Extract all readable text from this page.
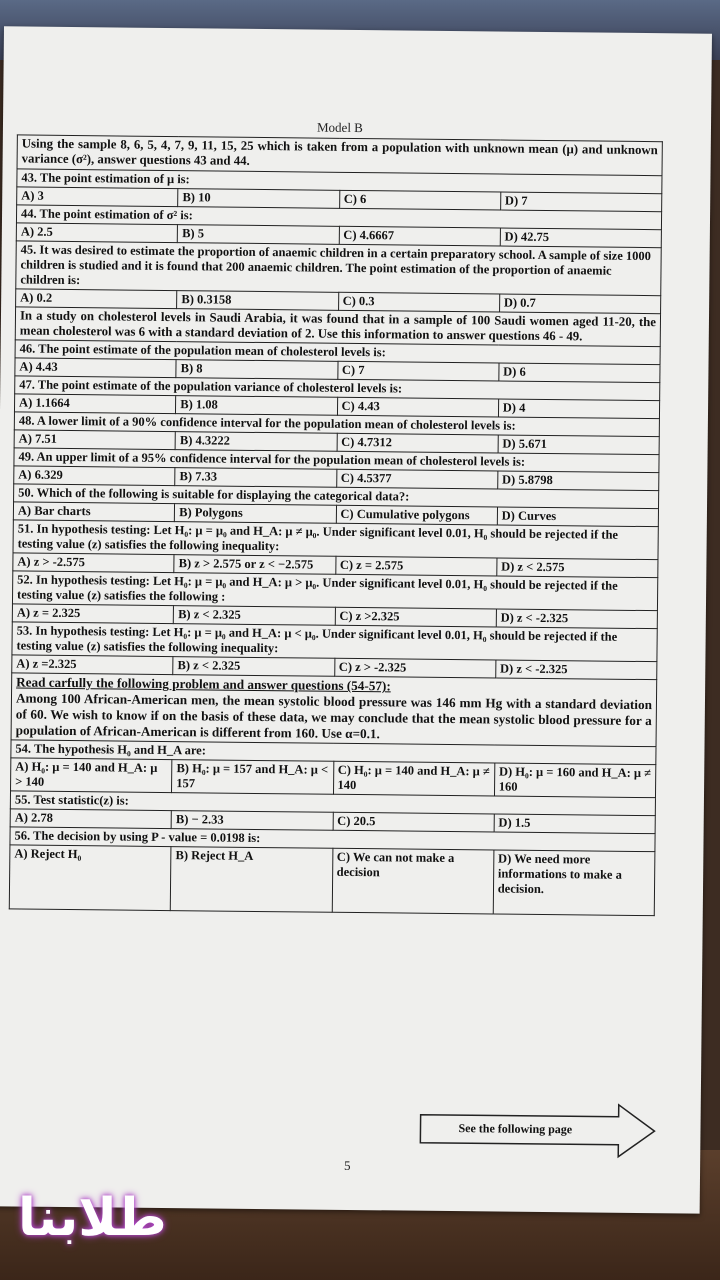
Model B
Using the sample 8, 6, 5, 4, 7, 9, 11, 15, 25 which is taken from a population with unknown mean (μ) and unknown variance (σ²), answer questions 43 and 44.			
43. The point estimation of μ is:			
A) 3	B) 10	C) 6	D) 7
44. The point estimation of σ² is:			
A) 2.5	B) 5	C) 4.6667	D) 42.75
45. It was desired to estimate the proportion of anaemic children in a certain preparatory school. A sample of size 1000 children is studied and it is found that 200 anaemic children. The point estimation of the proportion of anaemic children is:			
A) 0.2	B) 0.3158	C) 0.3	D) 0.7
In a study on cholesterol levels in Saudi Arabia, it was found that in a sample of 100 Saudi women aged 11-20, the mean cholesterol was 6 with a standard deviation of 2. Use this information to answer questions 46 - 49.			
46. The point estimate of the population mean of cholesterol levels is:			
A) 4.43	B) 8	C) 7	D) 6
47. The point estimate of the population variance of cholesterol levels is:			
A) 1.1664	B) 1.08	C) 4.43	D) 4
48. A lower limit of a 90% confidence interval for the population mean of cholesterol levels is:			
A) 7.51	B) 4.3222	C) 4.7312	D) 5.671
49. An upper limit of a 95% confidence interval for the population mean of cholesterol levels is:			
A) 6.329	B) 7.33	C) 4.5377	D) 5.8798
50. Which of the following is suitable for displaying the categorical data?:			
A) Bar charts	B) Polygons	C) Cumulative polygons	D) Curves
51. In hypothesis testing: Let H₀: μ = μ₀ and H_A: μ ≠ μ₀. Under significant level 0.01, H₀ should be rejected if the testing value (z) satisfies the following inequality:			
A) z > -2.575	B) z > 2.575 or z < −2.575	C) z = 2.575	D) z < 2.575
52. In hypothesis testing: Let H₀: μ = μ₀ and H_A: μ > μ₀. Under significant level 0.01, H₀ should be rejected if the testing value (z) satisfies the following :			
A) z = 2.325	B) z < 2.325	C) z >2.325	D) z < -2.325
53. In hypothesis testing: Let H₀: μ = μ₀ and H_A: μ < μ₀. Under significant level 0.01, H₀ should be rejected if the testing value (z) satisfies the following inequality:			
A) z =2.325	B) z < 2.325	C) z > -2.325	D) z < -2.325

Read carfully the following problem and answer questions (54-57):
Among 100 African-American men, the mean systolic blood pressure was 146 mm Hg with a standard deviation of 60. We wish to know if on the basis of these data, we may conclude that the mean systolic blood pressure for a population of African-American is different from 160. Use α=0.1.			

54. The hypothesis H₀ and H_A are:			
A) H₀: μ = 140 and H_A: μ > 140	B) H₀: μ = 157 and H_A: μ < 157	C) H₀: μ = 140 and H_A: μ ≠ 140	D) H₀: μ = 160 and H_A: μ ≠ 160
55. Test statistic(z) is:			
A) 2.78	B) − 2.33	C) 20.5	D) 1.5
56. The decision by using P - value = 0.0198 is:			
A) Reject H₀	B) Reject H_A	C) We can not make a decision	D) We need more informations to make a decision.
See the following page
5
طلابنا
